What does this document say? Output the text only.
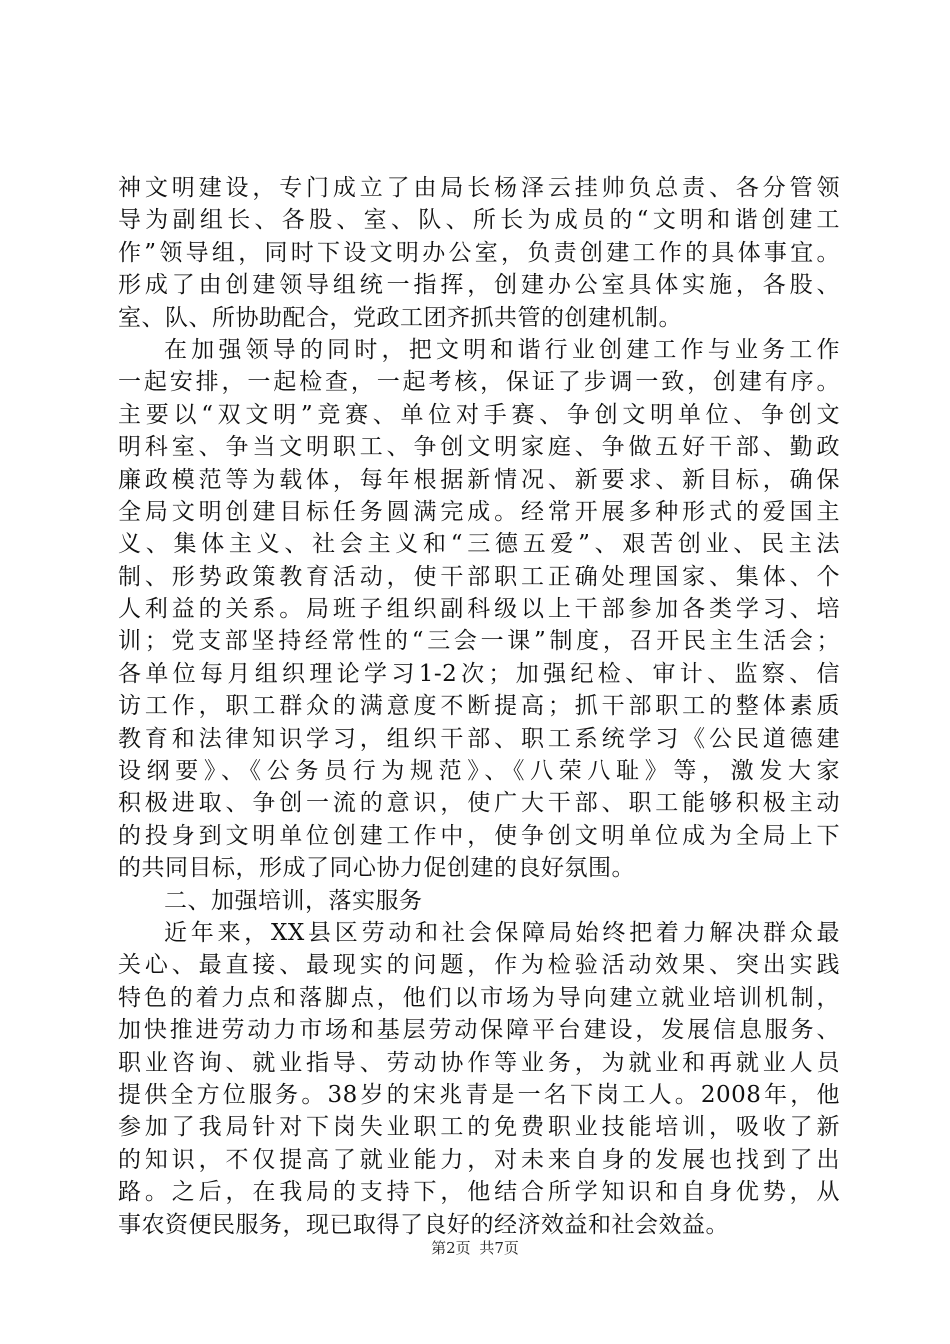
神文明建设，专门成立了由局长杨泽云挂帅负总责、各分管领
导为副组长、各股、室、队、所长为成员的“文明和谐创建工
作”领导组，同时下设文明办公室，负责创建工作的具体事宜。
形成了由创建领导组统一指挥，创建办公室具体实施，各股、
室、队、所协助配合，党政工团齐抓共管的创建机制。
在加强领导的同时，把文明和谐行业创建工作与业务工作
一起安排，一起检查，一起考核，保证了步调一致，创建有序。
主要以“双文明”竞赛、单位对手赛、争创文明单位、争创文
明科室、争当文明职工、争创文明家庭、争做五好干部、勤政
廉政模范等为载体，每年根据新情况、新要求、新目标，确保
全局文明创建目标任务圆满完成。经常开展多种形式的爱国主
义、集体主义、社会主义和“三德五爱”、艰苦创业、民主法
制、形势政策教育活动，使干部职工正确处理国家、集体、个
人利益的关系。局班子组织副科级以上干部参加各类学习、培
训；党支部坚持经常性的“三会一课”制度，召开民主生活会；
各单位每月组织理论学习1-2次；加强纪检、审计、监察、信
访工作，职工群众的满意度不断提高；抓干部职工的整体素质
教育和法律知识学习，组织干部、职工系统学习《公民道德建
设纲要》、《公务员行为规范》、《八荣八耻》等，激发大家
积极进取、争创一流的意识，使广大干部、职工能够积极主动
的投身到文明单位创建工作中，使争创文明单位成为全局上下
的共同目标，形成了同心协力促创建的良好氛围。
二、加强培训，落实服务
近年来，XX县区劳动和社会保障局始终把着力解决群众最
关心、最直接、最现实的问题，作为检验活动效果、突出实践
特色的着力点和落脚点，他们以市场为导向建立就业培训机制，
加快推进劳动力市场和基层劳动保障平台建设，发展信息服务、
职业咨询、就业指导、劳动协作等业务，为就业和再就业人员
提供全方位服务。38岁的宋兆青是一名下岗工人。2008年，他
参加了我局针对下岗失业职工的免费职业技能培训，吸收了新
的知识，不仅提高了就业能力，对未来自身的发展也找到了出
路。之后，在我局的支持下，他结合所学知识和自身优势，从
事农资便民服务，现已取得了良好的经济效益和社会效益。
第2页 共7页
